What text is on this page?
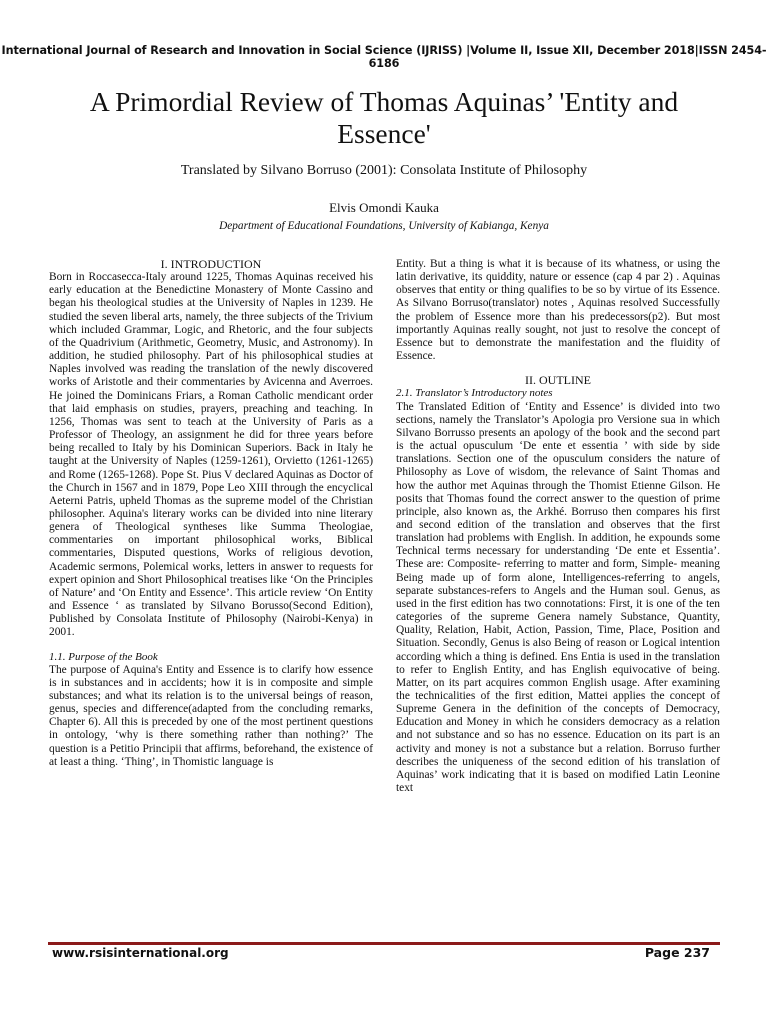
International Journal of Research and Innovation in Social Science (IJRISS) |Volume II, Issue XII, December 2018|ISSN 2454-6186
A Primordial Review of Thomas Aquinas’ 'Entity and Essence'
Translated by Silvano Borruso (2001): Consolata Institute of Philosophy
Elvis Omondi Kauka
Department of Educational Foundations, University of Kabianga, Kenya

I. INTRODUCTION

Born in Roccasecca-Italy around 1225, Thomas Aquinas received his early education at the Benedictine Monastery of Monte Cassino and began his theological studies at the University of Naples in 1239. He studied the seven liberal arts, namely, the three subjects of the Trivium which included Grammar, Logic, and Rhetoric, and the four subjects of the Quadrivium (Arithmetic, Geometry, Music, and Astronomy). In addition, he studied philosophy. Part of his philosophical studies at Naples involved was reading the translation of the newly discovered works of Aristotle and their commentaries by Avicenna and Averroes. He joined the Dominicans Friars, a Roman Catholic mendicant order that laid emphasis on studies, prayers, preaching and teaching. In 1256, Thomas was sent to teach at the University of Paris as a Professor of Theology, an assignment he did for three years before being recalled to Italy by his Dominican Superiors. Back in Italy he taught at the University of Naples (1259-1261), Orvietto (1261-1265) and Rome (1265-1268). Pope St. Pius V declared Aquinas as Doctor of the Church in 1567 and in 1879, Pope Leo XIII through the encyclical Aeterni Patris, upheld Thomas as the supreme model of the Christian philosopher. Aquina's literary works can be divided into nine literary genera of Theological syntheses like Summa Theologiae, commentaries on important philosophical works, Biblical commentaries, Disputed questions, Works of religious devotion, Academic sermons, Polemical works, letters in answer to requests for expert opinion and Short Philosophical treatises like ‘On the Principles of Nature’ and ‘On Entity and Essence’. This article review ‘On Entity and Essence ‘ as translated by Silvano Borusso(Second Edition), Published by Consolata Institute of Philosophy (Nairobi-Kenya) in 2001.

1.1. Purpose of the Book

The purpose of Aquina's Entity and Essence is to clarify how essence is in substances and in accidents; how it is in composite and simple substances; and what its relation is to the universal beings of reason, genus, species and difference(adapted from the concluding remarks, Chapter 6). All this is preceded by one of the most pertinent questions in ontology, ‘why is there something rather than nothing?’ The question is a Petitio Principii that affirms, beforehand, the existence of at least a thing. ‘Thing’, in Thomistic language is

Entity. But a thing is what it is because of its whatness, or using the latin derivative, its quiddity, nature or essence (cap 4 par 2) . Aquinas observes that entity or thing qualifies to be so by virtue of its Essence. As Silvano Borruso(translator) notes , Aquinas resolved Successfully the problem of Essence more than his predecessors(p2). But most importantly Aquinas really sought, not just to resolve the concept of Essence but to demonstrate the manifestation and the fluidity of Essence.

II. OUTLINE

2.1. Translator’s Introductory notes

The Translated Edition of ‘Entity and Essence’ is divided into two sections, namely the Translator’s Apologia pro Versione sua in which Silvano Borrusso presents an apology of the book and the second part is the actual opusculum ‘De ente et essentia ’ with side by side translations. Section one of the opusculum considers the nature of Philosophy as Love of wisdom, the relevance of Saint Thomas and how the author met Aquinas through the Thomist Etienne Gilson. He posits that Thomas found the correct answer to the question of prime principle, also known as, the Arkhé. Borruso then compares his first and second edition of the translation and observes that the first translation had problems with English. In addition, he expounds some Technical terms necessary for understanding ‘De ente et Essentia’. These are: Composite- referring to matter and form, Simple- meaning Being made up of form alone, Intelligences-referring to angels, separate substances-refers to Angels and the Human soul. Genus, as used in the first edition has two connotations: First, it is one of the ten categories of the supreme Genera namely Substance, Quantity, Quality, Relation, Habit, Action, Passion, Time, Place, Position and Situation. Secondly, Genus is also Being of reason or Logical intention according which a thing is defined. Ens Entia is used in the translation to refer to English Entity, and has English equivocative of being. Matter, on its part acquires common English usage. After examining the technicalities of the first edition, Mattei applies the concept of Supreme Genera in the definition of the concepts of Democracy, Education and Money in which he considers democracy as a relation and not substance and so has no essence. Education on its part is an activity and money is not a substance but a relation. Borruso further describes the uniqueness of the second edition of his translation of Aquinas’ work indicating that it is based on modified Latin Leonine text

www.rsisinternational.org	Page 237
